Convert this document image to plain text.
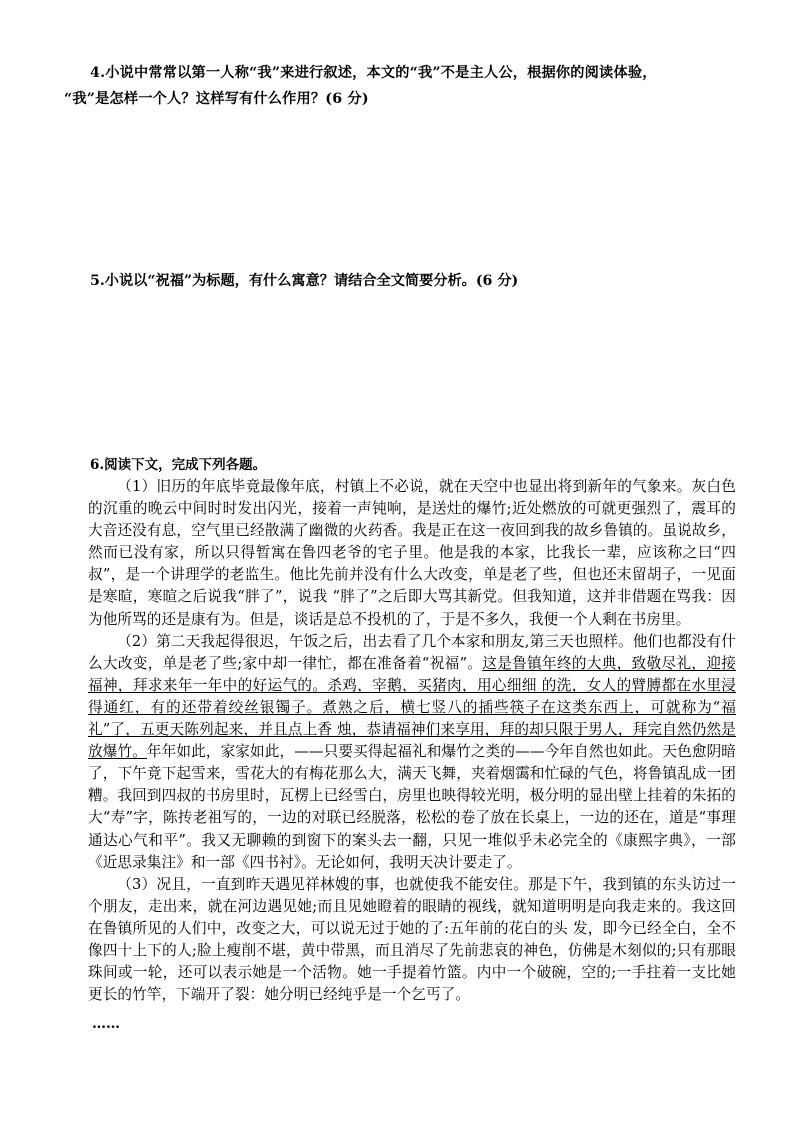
4.小说中常常以第一人称“我”来进行叙述，本文的“我”不是主人公，根据你的阅读体验，
“我”是怎样一个人？这样写有什么作用？(6 分)
5.小说以“祝福”为标题，有什么寓意？请结合全文简要分析。(6 分)
6.阅读下文，完成下列各题。

（1）旧历的年底毕竟最像年底，村镇上不必说，就在天空中也显出将到新年的气象来。灰白色的沉重的晚云中间时时发出闪光，接着一声钝响，是送灶的爆竹;近处燃放的可就更强烈了，震耳的大音还没有息，空气里已经散满了幽微的火药香。我是正在这一夜回到我的故乡鲁镇的。虽说故乡，然而已没有家，所以只得暂寓在鲁四老爷的宅子里。他是我的本家，比我长一辈，应该称之曰“四叔”，是一个讲理学的老监生。他比先前并没有什么大改变，单是老了些，但也还末留胡子，一见面是寒暄，寒暄之后说我“胖了”，说我 “胖了”之后即大骂其新党。但我知道，这并非借题在骂我：因为他所骂的还是康有为。但是，谈话是总不投机的了，于是不多久，我便一个人剩在书房里。

（2）第二天我起得很迟，午饭之后，出去看了几个本家和朋友,第三天也照样。他们也都没有什么大改变，单是老了些;家中却一律忙，都在准备着“祝福”。这是鲁镇年终的大典，致敬尽礼，迎接福神，拜求来年一年中的好运气的。杀鸡，宰鹅，买猪肉，用心细细 的洗，女人的臂膊都在水里浸得通红，有的还带着绞丝银镯子。煮熟之后，横七竖八的插些筷子在这类东西上，可就称为“福礼”了，五更天陈列起来，并且点上香 烛，恭请福神们来享用，拜的却只限于男人，拜完自然仍然是放爆竹。年年如此，家家如此，——只要买得起福礼和爆竹之类的——今年自然也如此。天色愈阴暗了，下午竟下起雪来，雪花大的有梅花那么大，满天飞舞，夹着烟霭和忙碌的气色，将鲁镇乱成一团糟。我回到四叔的书房里时，瓦楞上已经雪白，房里也映得较光明，极分明的显出壁上挂着的朱拓的大“寿”字，陈抟老祖写的，一边的对联已经脱落，松松的卷了放在长桌上，一边的还在，道是“事理通达心气和平”。我又无聊赖的到窗下的案头去一翻，只见一堆似乎未必完全的《康熙字典》，一部《近思录集注》和一部《四书衬》。无论如何，我明天决计要走了。

（3）况且，一直到昨天遇见祥林嫂的事，也就使我不能安住。那是下午，我到镇的东头访过一个朋友，走出来，就在河边遇见她;而且见她瞪着的眼睛的视线，就知道明明是向我走来的。我这回在鲁镇所见的人们中，改变之大，可以说无过于她的了:五年前的花白的头 发，即今已经全白，全不像四十上下的人;脸上瘦削不堪，黄中带黑，而且消尽了先前悲哀的神色，仿佛是木刻似的;只有那眼珠间或一轮，还可以表示她是一个活物。她一手提着竹篮。内中一个破碗，空的;一手拄着一支比她更长的竹竿，下端开了裂：她分明已经纯乎是一个乞丐了。

……
